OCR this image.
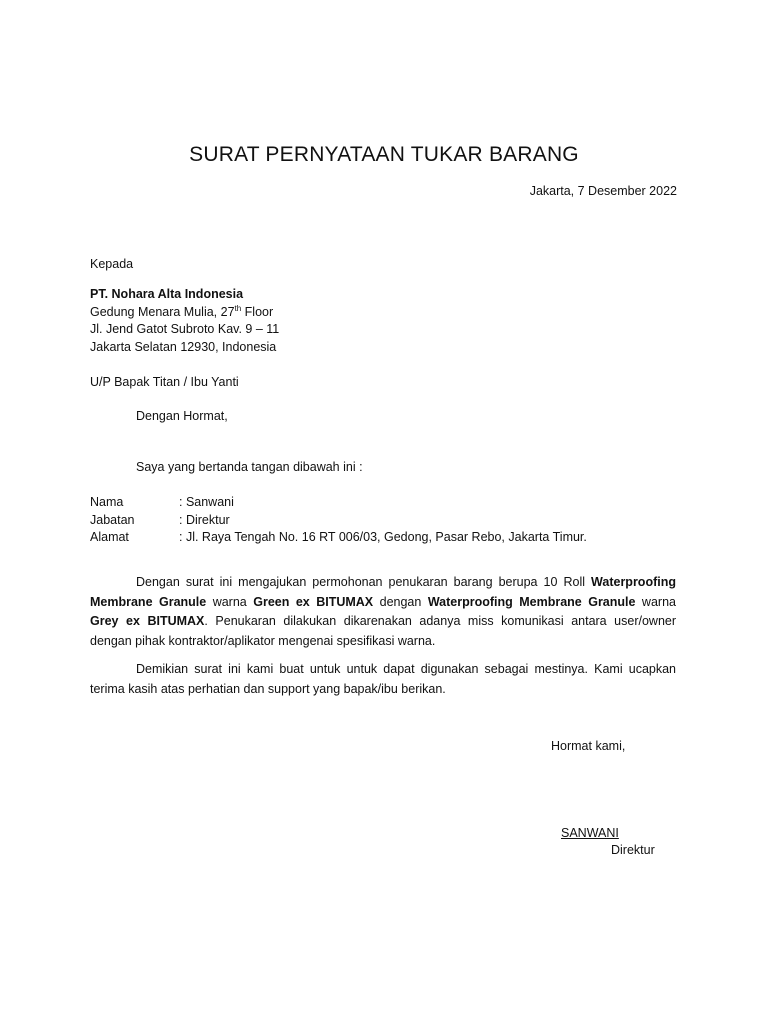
SURAT PERNYATAAN TUKAR BARANG
Jakarta, 7 Desember 2022
Kepada
PT. Nohara Alta Indonesia
Gedung Menara Mulia, 27th Floor
Jl. Jend Gatot Subroto Kav. 9 – 11
Jakarta Selatan 12930, Indonesia
U/P Bapak Titan / Ibu Yanti
Dengan Hormat,
Saya yang bertanda tangan dibawah ini :
Nama	: Sanwani
Jabatan	: Direktur
Alamat	: Jl. Raya Tengah No. 16 RT 006/03, Gedong, Pasar Rebo, Jakarta Timur.

Dengan surat ini mengajukan permohonan penukaran barang berupa 10 Roll Waterproofing Membrane Granule warna Green ex BITUMAX dengan Waterproofing Membrane Granule warna Grey ex BITUMAX. Penukaran dilakukan dikarenakan adanya miss komunikasi antara user/owner dengan pihak kontraktor/aplikator mengenai spesifikasi warna.

Demikian surat ini kami buat untuk untuk dapat digunakan sebagai mestinya. Kami ucapkan terima kasih atas perhatian dan support yang bapak/ibu berikan.

Hormat kami,
SANWANI
Direktur
